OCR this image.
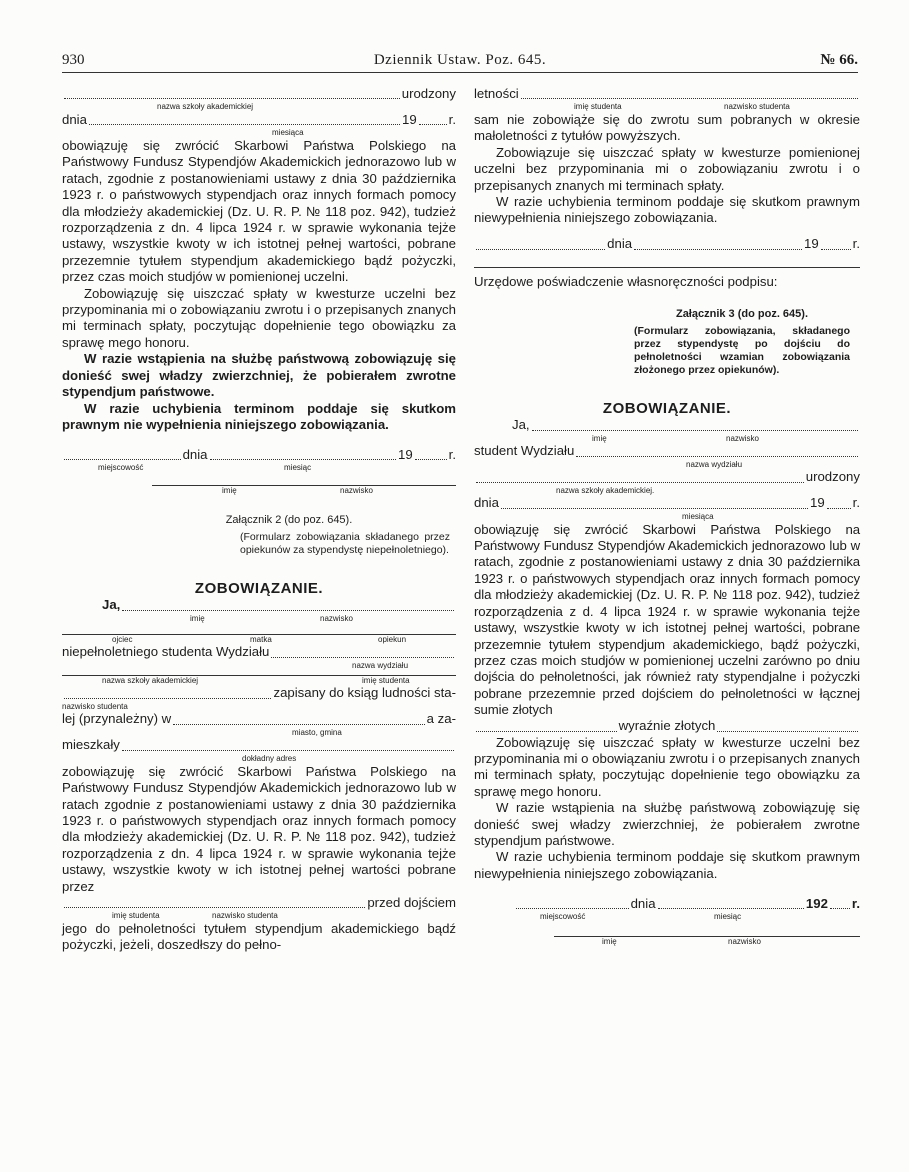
930	Dziennik Ustaw. Poz. 645.	№ 66.
urodzony
nazwa szkoły akademickiej
dnia	19 r.
miesiąca

obowiązuję się zwrócić Skarbowi Państwa Polskiego na Państwowy Fundusz Stypendjów Akademickich jednorazowo lub w ratach, zgodnie z postanowieniami ustawy z dnia 30 października 1923 r. o państwowych stypendjach oraz innych formach pomocy dla młodzieży akademickiej (Dz. U. R. P. № 118 poz. 942), tudzież rozporządzenia z dn. 4 lipca 1924 r. w sprawie wykonania tejże ustawy, wszystkie kwoty w ich istotnej pełnej wartości, pobrane przezemnie tytułem stypendjum akademickiego bądź pożyczki, przez czas moich studjów w pomienionej uczelni.

Zobowiązuję się uiszczać spłaty w kwesturze uczelni bez przypominania mi o zobowiązaniu zwrotu i o przepisanych znanych mi terminach spłaty, poczytując dopełnienie tego obowiązku za sprawę mego honoru.

W razie wstąpienia na służbę państwową zobowiązuję się donieść swej władzy zwierzchniej, że pobierałem zwrotne stypendjum państwowe.

W razie uchybienia terminom poddaje się skutkom prawnym nie wypełnienia niniejszego zobowiązania.

dnia	19	r.
miejscowość	miesiąc
imię	nazwisko
Załącznik 2 (do poz. 645).
(Formularz zobowiązania składanego przez opiekunów za stypendystę niepełnoletniego).
ZOBOWIĄZANIE.
Ja,
imię	nazwisko
ojciec	matka	opiekun
niepełnoletniego studenta Wydziału
nazwa wydziału
nazwa szkoły akademickiej	imię studenta
zapisany do ksiąg ludności sta-
nazwisko studenta
lej (przynależny) w	a za-
miasto, gmina
mieszkały
dokładny adres

zobowiązuję się zwrócić Skarbowi Państwa Polskiego na Państwowy Fundusz Stypendjów Akademickich jednorazowo lub w ratach zgodnie z postanowieniami ustawy z dnia 30 października 1923 r. o państwowych stypendjach oraz innych formach pomocy dla młodzieży akademickiej (Dz. U. R. P. № 118 poz. 942), tudzież rozporządzenia z dn. 4 lipca 1924 r. w sprawie wykonania tejże ustawy, wszystkie kwoty w ich istotnej pełnej wartości pobrane przez

przed dojściem
imię studenta	nazwisko studenta

jego do pełnoletności tytułem stypendjum akademickiego bądź pożyczki, jeżeli, doszedłszy do pełno-

letności
imię studenta	nazwisko studenta

sam nie zobowiąże się do zwrotu sum pobranych w okresie małoletności z tytułów powyższych.

Zobowiązuje się uiszczać spłaty w kwesturze pomienionej uczelni bez przypominania mi o zobowiązaniu zwrotu i o przepisanych znanych mi terminach spłaty.

W razie uchybienia terminom poddaje się skutkom prawnym niewypełnienia niniejszego zobowiązania.

dnia	19	r.

Urzędowe poświadczenie własnoręczności podpisu:

Załącznik 3 (do poz. 645).
(Formularz zobowiązania, składanego przez stypendystę po dojściu do pełnoletności wzamian zobowiązania złożonego przez opiekunów).
ZOBOWIĄZANIE.
Ja,
imię	nazwisko
student Wydziału
nazwa wydziału
urodzony
nazwa szkoły akademickiej.
dnia	19 r.
miesiąca

obowiązuję się zwrócić Skarbowi Państwa Polskiego na Państwowy Fundusz Stypendjów Akademickich jednorazowo lub w ratach, zgodnie z postanowieniami ustawy z dnia 30 października 1923 r. o państwowych stypendjach oraz innych formach pomocy dla młodzieży akademickiej (Dz. U. R. P. № 118 poz. 942), tudzież rozporządzenia z d. 4 lipca 1924 r. w sprawie wykonania tejże ustawy, wszystkie kwoty w ich istotnej pełnej wartości, pobrane przezemnie tytułem stypendjum akademickiego, bądź pożyczki, przez czas moich studjów w pomienionej uczelni zarówno po dniu dojścia do pełnoletności, jak również raty stypendjalne i pożyczki pobrane przezemnie przed dojściem do pełnoletności w łącznej sumie złotych

wyraźnie złotych

Zobowiązuję się uiszczać spłaty w kwesturze uczelni bez przypominania mi o obowiązaniu zwrotu i o przepisanych znanych mi terminach spłaty, poczytując dopełnienie tego obowiązku za sprawę mego honoru.

W razie wstąpienia na służbę państwową zobowiązuję się donieść swej władzy zwierzchniej, że pobierałem zwrotne stypendjum państwowe.

W razie uchybienia terminom poddaje się skutkom prawnym niewypełnienia niniejszego zobowiązania.

dnia	192 r.
miejscowość	miesiąc
imię	nazwisko
